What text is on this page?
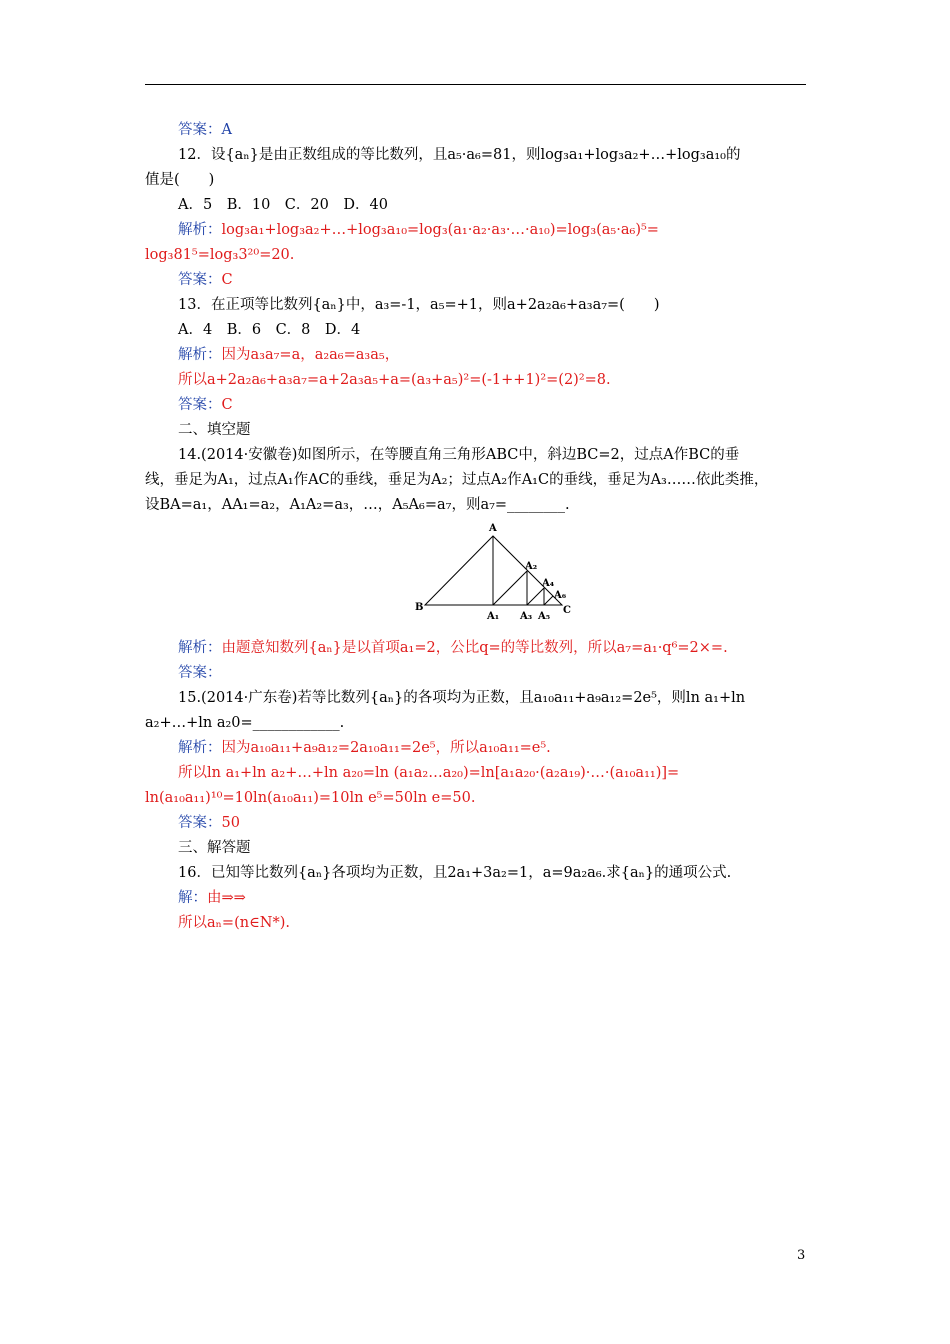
答案：A
12．设{aₙ}是由正数组成的等比数列，且a₅·a₆=81，则log₃a₁+log₃a₂+…+log₃a₁₀的
值是(　　)
A．5　B．10　C．20　D．40
解析：log₃a₁+log₃a₂+…+log₃a₁₀=log₃(a₁·a₂·a₃·…·a₁₀)=log₃(a₅·a₆)⁵=
log₃81⁵=log₃3²⁰=20.
答案：C
13．在正项等比数列{aₙ}中，a₃=-1，a₅=+1，则a+2a₂a₆+a₃a₇=(　　)
A．4　B．6　C．8　D．4
解析：因为a₃a₇=a，a₂a₆=a₃a₅，
所以a+2a₂a₆+a₃a₇=a+2a₃a₅+a=(a₃+a₅)²=(-1++1)²=(2)²=8.
答案：C
二、填空题
14.(2014·安徽卷)如图所示，在等腰直角三角形ABC中，斜边BC=2，过点A作BC的垂
线，垂足为A₁，过点A₁作AC的垂线，垂足为A₂；过点A₂作A₁C的垂线，垂足为A₃……依此类推，
设BA=a₁，AA₁=a₂，A₁A₂=a₃，…，A₅A₆=a₇，则a₇=________.
A
B	C
A₁
A₂
A₃
A₄
A₅
A₆
解析：由题意知数列{aₙ}是以首项a₁=2，公比q=的等比数列，所以a₇=a₁·q⁶=2×=.
答案：
15.(2014·广东卷)若等比数列{aₙ}的各项均为正数，且a₁₀a₁₁+a₉a₁₂=2e⁵，则ln a₁+ln
a₂+…+ln a₂0=____________.
解析：因为a₁₀a₁₁+a₉a₁₂=2a₁₀a₁₁=2e⁵，所以a₁₀a₁₁=e⁵.
所以ln a₁+ln a₂+…+ln a₂₀=ln (a₁a₂…a₂₀)=ln[a₁a₂₀·(a₂a₁₉)·…·(a₁₀a₁₁)]=
ln(a₁₀a₁₁)¹⁰=10ln(a₁₀a₁₁)=10ln e⁵=50ln e=50.
答案：50
三、解答题
16．已知等比数列{aₙ}各项均为正数，且2a₁+3a₂=1，a=9a₂a₆.求{aₙ}的通项公式.
解：由⇒⇒
所以aₙ=(n∈N*).
3
